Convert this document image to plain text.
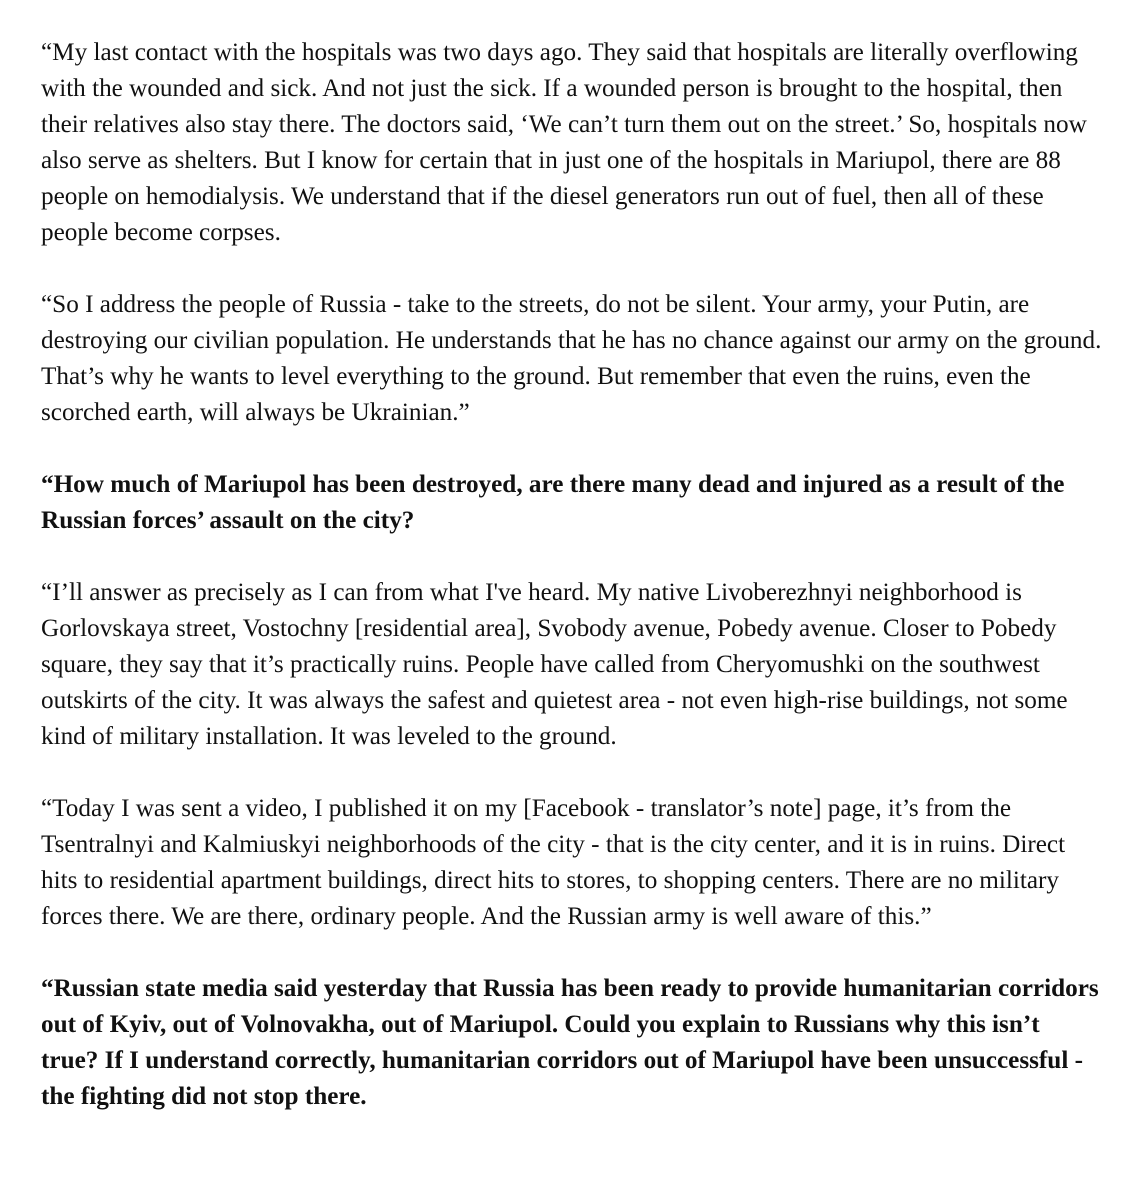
“My last contact with the hospitals was two days ago. They said that hospitals are literally overflowing with the wounded and sick. And not just the sick. If a wounded person is brought to the hospital, then their relatives also stay there. The doctors said, ‘We can’t turn them out on the street.’ So, hospitals now also serve as shelters. But I know for certain that in just one of the hospitals in Mariupol, there are 88 people on hemodialysis. We understand that if the diesel generators run out of fuel, then all of these people become corpses.

“So I address the people of Russia - take to the streets, do not be silent. Your army, your Putin, are destroying our civilian population. He understands that he has no chance against our army on the ground. That’s why he wants to level everything to the ground. But remember that even the ruins, even the scorched earth, will always be Ukrainian.”

“How much of Mariupol has been destroyed, are there many dead and injured as a result of the Russian forces’ assault on the city?

“I’ll answer as precisely as I can from what I've heard. My native Livoberezhnyi neighborhood is Gorlovskaya street, Vostochny [residential area], Svobody avenue, Pobedy avenue. Closer to Pobedy square, they say that it’s practically ruins. People have called from Cheryomushki on the southwest outskirts of the city. It was always the safest and quietest area - not even high-rise buildings, not some kind of military installation. It was leveled to the ground.

“Today I was sent a video, I published it on my [Facebook - translator’s note] page, it’s from the Tsentralnyi and Kalmiuskyi neighborhoods of the city - that is the city center, and it is in ruins. Direct hits to residential apartment buildings, direct hits to stores, to shopping centers. There are no military forces there. We are there, ordinary people. And the Russian army is well aware of this.”

“Russian state media said yesterday that Russia has been ready to provide humanitarian corridors out of Kyiv, out of Volnovakha, out of Mariupol. Could you explain to Russians why this isn’t true? If I understand correctly, humanitarian corridors out of Mariupol have been unsuccessful - the fighting did not stop there.
